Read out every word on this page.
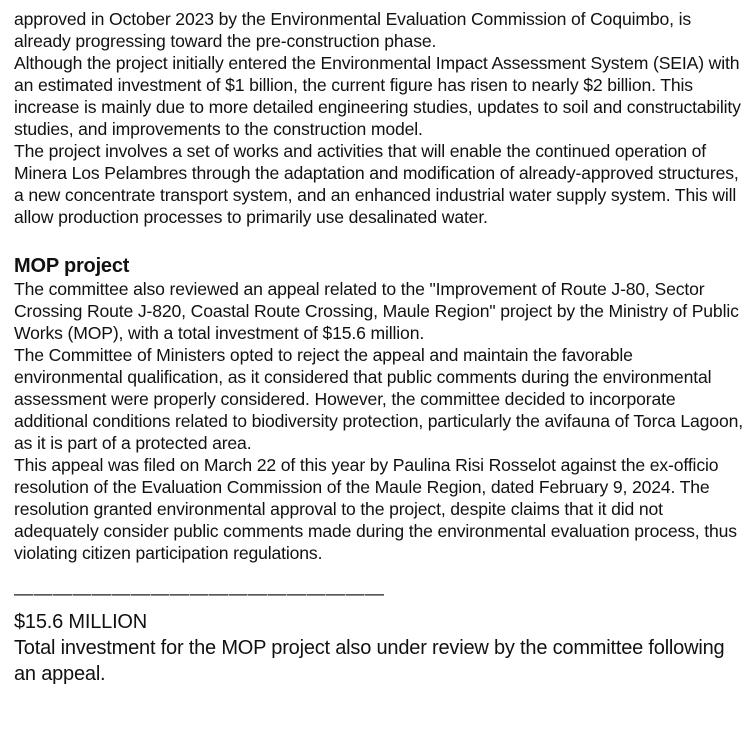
approved in October 2023 by the Environmental Evaluation Commission of Coquimbo, is already progressing toward the pre-construction phase.

Although the project initially entered the Environmental Impact Assessment System (SEIA) with an estimated investment of $1 billion, the current figure has risen to nearly $2 billion. This increase is mainly due to more detailed engineering studies, updates to soil and constructability studies, and improvements to the construction model.

The project involves a set of works and activities that will enable the continued operation of Minera Los Pelambres through the adaptation and modification of already-approved structures, a new concentrate transport system, and an enhanced industrial water supply system. This will allow production processes to primarily use desalinated water.

MOP project

The committee also reviewed an appeal related to the "Improvement of Route J-80, Sector Crossing Route J-820, Coastal Route Crossing, Maule Region" project by the Ministry of Public Works (MOP), with a total investment of $15.6 million.

The Committee of Ministers opted to reject the appeal and maintain the favorable environmental qualification, as it considered that public comments during the environmental assessment were properly considered. However, the committee decided to incorporate additional conditions related to biodiversity protection, particularly the avifauna of Torca Lagoon, as it is part of a protected area.

This appeal was filed on March 22 of this year by Paulina Risi Rosselot against the ex-officio resolution of the Evaluation Commission of the Maule Region, dated February 9, 2024. The resolution granted environmental approval to the project, despite claims that it did not adequately consider public comments made during the environmental evaluation process, thus violating citizen participation regulations.

———————————————————
$15.6 MILLION

Total investment for the MOP project also under review by the committee following an appeal.
